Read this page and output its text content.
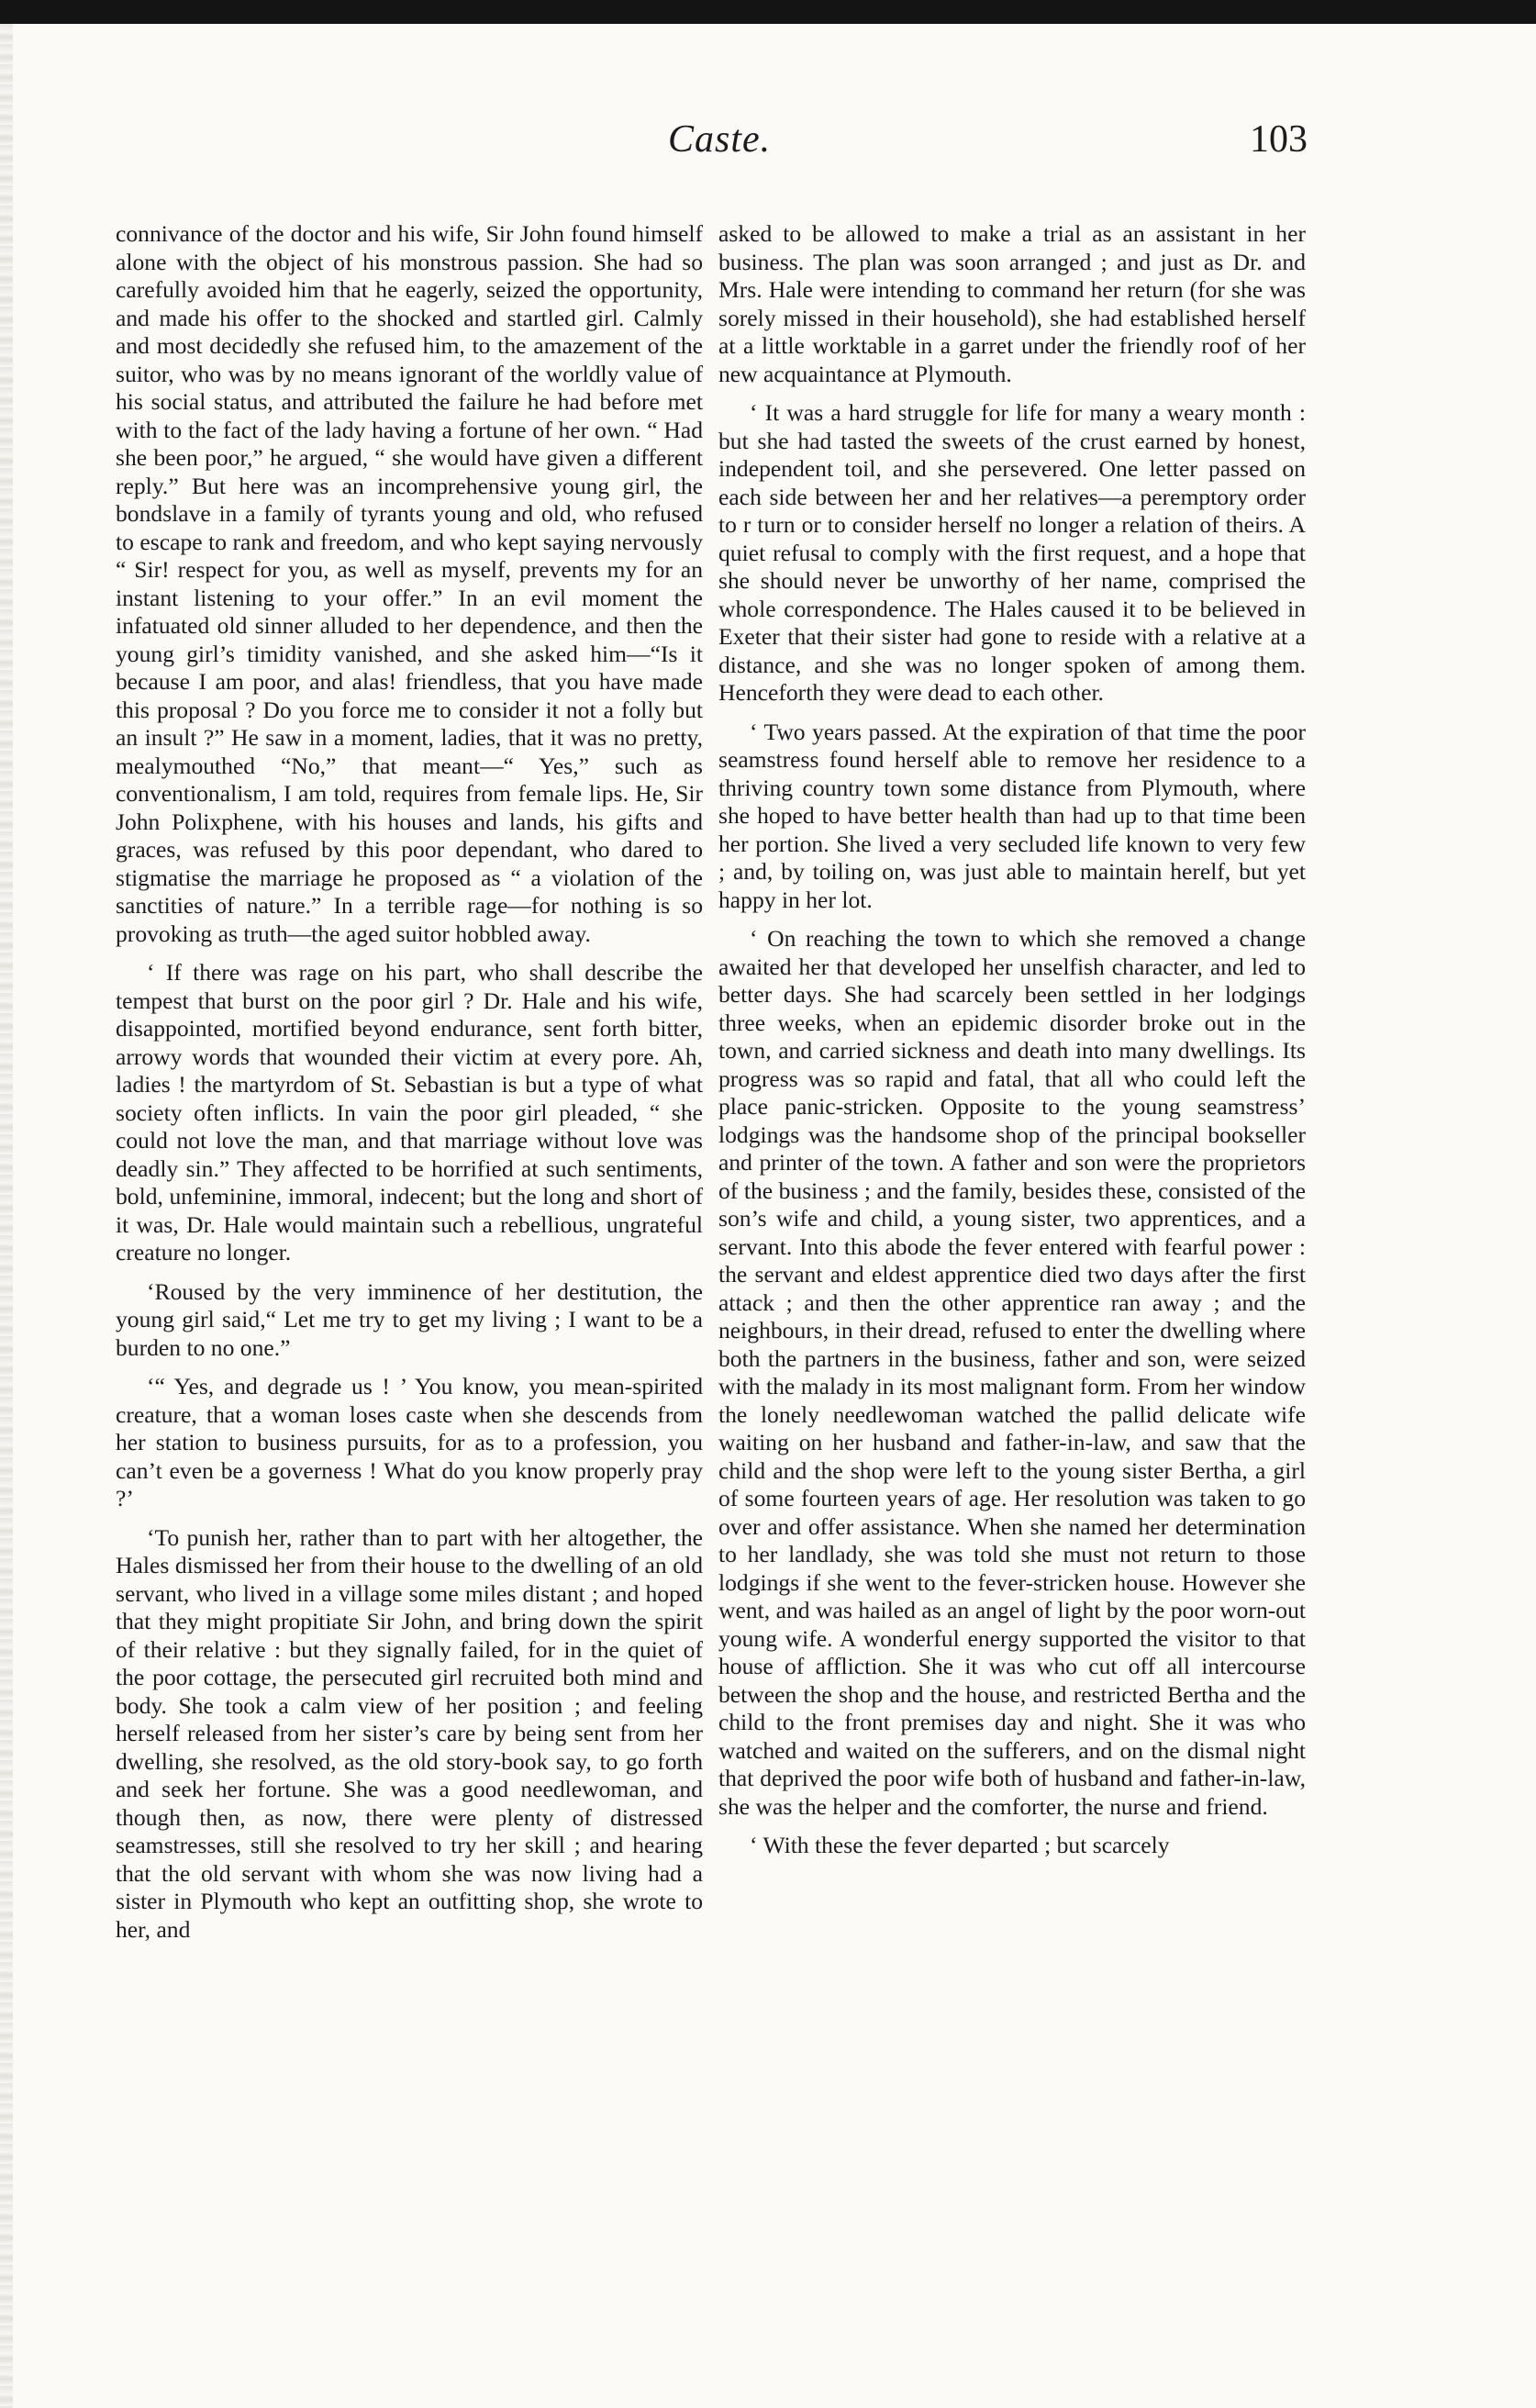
Caste.	103

connivance of the doctor and his wife, Sir John found himself alone with the object of his monstrous passion. She had so carefully avoided him that he eagerly, seized the opportunity, and made his offer to the shocked and startled girl. Calmly and most decidedly she refused him, to the amazement of the suitor, who was by no means ignorant of the worldly value of his social status, and attributed the failure he had before met with to the fact of the lady having a fortune of her own. “ Had she been poor,” he argued, “ she would have given a different reply.” But here was an incomprehensive young girl, the bondslave in a family of tyrants young and old, who refused to escape to rank and freedom, and who kept saying nervously “ Sir! respect for you, as well as myself, prevents my for an instant listening to your offer.” In an evil moment the infatuated old sinner alluded to her dependence, and then the young girl’s timidity vanished, and she asked him—“Is it because I am poor, and alas! friendless, that you have made this proposal ? Do you force me to consider it not a folly but an insult ?” He saw in a moment, ladies, that it was no pretty, mealymouthed “No,” that meant—“ Yes,” such as conventionalism, I am told, requires from female lips. He, Sir John Polixphene, with his houses and lands, his gifts and graces, was refused by this poor dependant, who dared to stigmatise the marriage he proposed as “ a violation of the sanctities of nature.” In a terrible rage—for nothing is so provoking as truth—the aged suitor hobbled away.

‘ If there was rage on his part, who shall describe the tempest that burst on the poor girl ? Dr. Hale and his wife, disappointed, mortified beyond endurance, sent forth bitter, arrowy words that wounded their victim at every pore. Ah, ladies ! the martyrdom of St. Sebastian is but a type of what society often inflicts. In vain the poor girl pleaded, “ she could not love the man, and that marriage without love was deadly sin.” They affected to be horrified at such sentiments, bold, unfeminine, immoral, indecent; but the long and short of it was, Dr. Hale would maintain such a rebellious, ungrateful creature no longer.

‘Roused by the very imminence of her destitution, the young girl said,“ Let me try to get my living ; I want to be a burden to no one.”

‘“ Yes, and degrade us ! ’ You know, you mean-spirited creature, that a woman loses caste when she descends from her station to business pursuits, for as to a profession, you can’t even be a governess ! What do you know properly pray ?’

‘To punish her, rather than to part with her altogether, the Hales dismissed her from their house to the dwelling of an old servant, who lived in a village some miles distant ; and hoped that they might propitiate Sir John, and bring down the spirit of their relative : but they signally failed, for in the quiet of the poor cottage, the persecuted girl recruited both mind and body. She took a calm view of her position ; and feeling herself released from her sister’s care by being sent from her dwelling, she resolved, as the old story-book say, to go forth and seek her fortune. She was a good needlewoman, and though then, as now, there were plenty of distressed seamstresses, still she resolved to try her skill ; and hearing that the old servant with whom she was now living had a sister in Plymouth who kept an outfitting shop, she wrote to her, and

asked to be allowed to make a trial as an assistant in her business. The plan was soon arranged ; and just as Dr. and Mrs. Hale were intending to command her return (for she was sorely missed in their household), she had established herself at a little worktable in a garret under the friendly roof of her new acquaintance at Plymouth.

‘ It was a hard struggle for life for many a weary month : but she had tasted the sweets of the crust earned by honest, independent toil, and she persevered. One letter passed on each side between her and her relatives—a peremptory order to r turn or to consider herself no longer a relation of theirs. A quiet refusal to comply with the first request, and a hope that she should never be unworthy of her name, comprised the whole correspondence. The Hales caused it to be believed in Exeter that their sister had gone to reside with a relative at a distance, and she was no longer spoken of among them. Henceforth they were dead to each other.

‘ Two years passed. At the expiration of that time the poor seamstress found herself able to remove her residence to a thriving country town some distance from Plymouth, where she hoped to have better health than had up to that time been her portion. She lived a very secluded life known to very few ; and, by toiling on, was just able to maintain herelf, but yet happy in her lot.

‘ On reaching the town to which she removed a change awaited her that developed her unselfish character, and led to better days. She had scarcely been settled in her lodgings three weeks, when an epidemic disorder broke out in the town, and carried sickness and death into many dwellings. Its progress was so rapid and fatal, that all who could left the place panic-stricken. Opposite to the young seamstress’ lodgings was the handsome shop of the principal bookseller and printer of the town. A father and son were the proprietors of the business ; and the family, besides these, consisted of the son’s wife and child, a young sister, two apprentices, and a servant. Into this abode the fever entered with fearful power : the servant and eldest apprentice died two days after the first attack ; and then the other apprentice ran away ; and the neighbours, in their dread, refused to enter the dwelling where both the partners in the business, father and son, were seized with the malady in its most malignant form. From her window the lonely needlewoman watched the pallid delicate wife waiting on her husband and father-in-law, and saw that the child and the shop were left to the young sister Bertha, a girl of some fourteen years of age. Her resolution was taken to go over and offer assistance. When she named her determination to her landlady, she was told she must not return to those lodgings if she went to the fever-stricken house. However she went, and was hailed as an angel of light by the poor worn-out young wife. A wonderful energy supported the visitor to that house of affliction. She it was who cut off all intercourse between the shop and the house, and restricted Bertha and the child to the front premises day and night. She it was who watched and waited on the sufferers, and on the dismal night that deprived the poor wife both of husband and father-in-law, she was the helper and the comforter, the nurse and friend.

‘ With these the fever departed ; but scarcely
